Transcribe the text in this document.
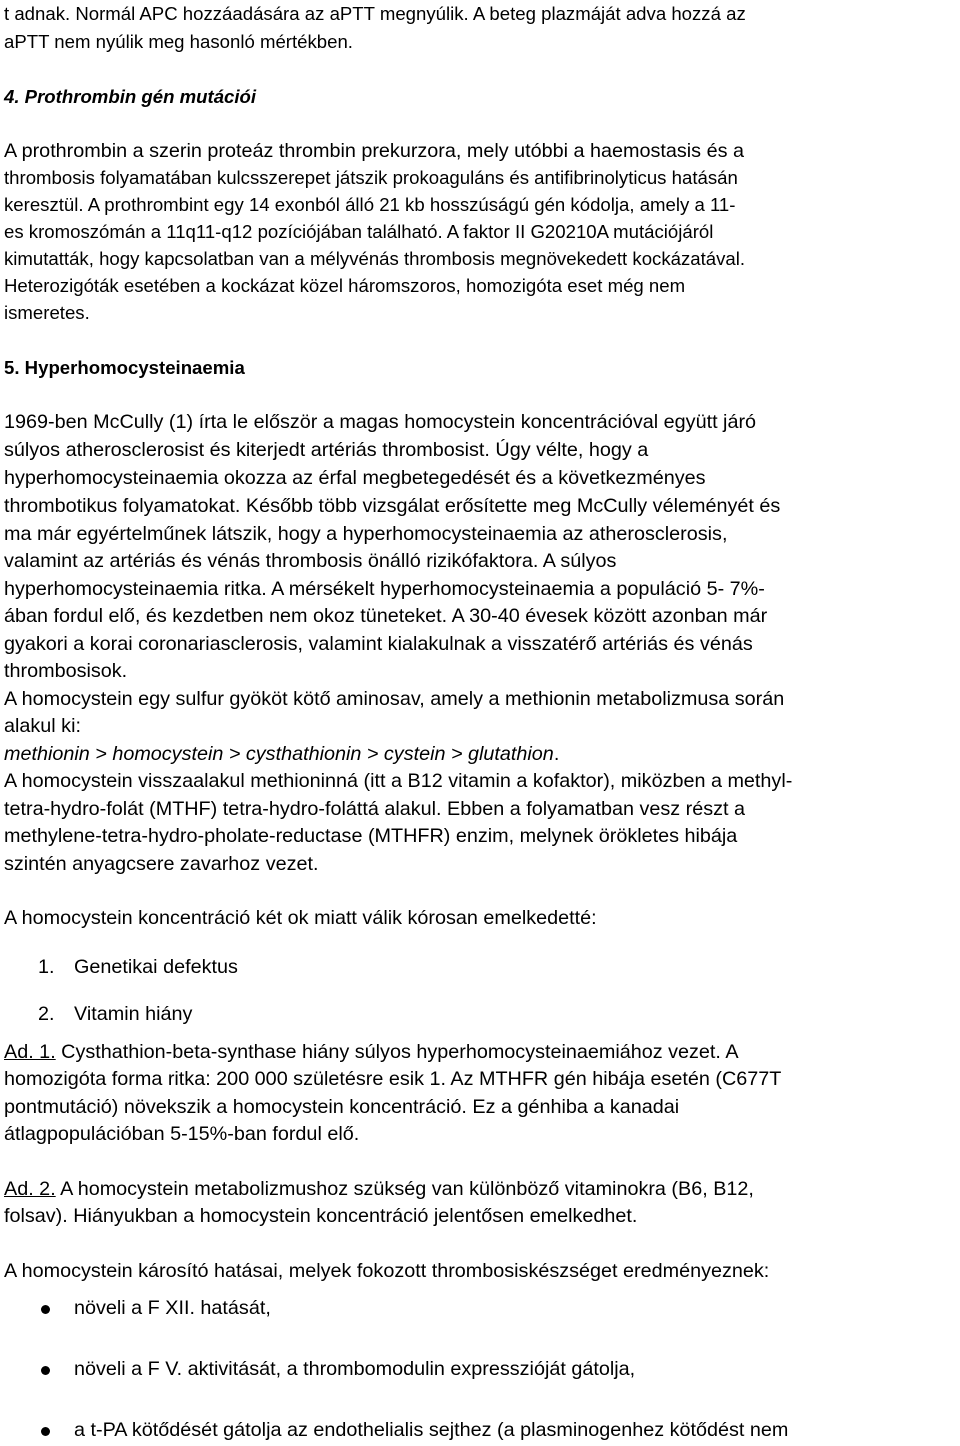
t adnak. Normál APC hozzáadására az aPTT megnyúlik. A beteg plazmáját adva hozzá az
aPTT nem nyúlik meg hasonló mértékben.
4. Prothrombin gén mutációi
A prothrombin a szerin proteáz thrombin prekurzora, mely utóbbi a haemostasis és a
thrombosis folyamatában kulcsszerepet játszik prokoaguláns és antifibrinolyticus hatásán
keresztül. A prothrombint egy 14 exonból álló 21 kb hosszúságú gén kódolja, amely a 11-
es kromoszómán a 11q11-q12 pozíciójában található. A faktor II G20210A mutációjáról
kimutatták, hogy kapcsolatban van a mélyvénás thrombosis megnövekedett kockázatával.
Heterozigóták esetében a kockázat közel háromszoros, homozigóta eset még nem
ismeretes.
5. Hyperhomocysteinaemia
1969-ben McCully (1) írta le először a magas homocystein koncentrációval együtt járó
súlyos atherosclerosist és kiterjedt artériás thrombosist. Úgy vélte, hogy a
hyperhomocysteinaemia okozza az érfal megbetegedését és a következményes
thrombotikus folyamatokat. Később több vizsgálat erősítette meg McCully véleményét és
ma már egyértelműnek látszik, hogy a hyperhomocysteinaemia az atherosclerosis,
valamint az artériás és vénás thrombosis önálló rizikófaktora. A súlyos
hyperhomocysteinaemia ritka. A mérsékelt hyperhomocysteinaemia a populáció 5- 7%-
ában fordul elő, és kezdetben nem okoz tüneteket. A 30-40 évesek között azonban már
gyakori a korai coronariasclerosis, valamint kialakulnak a visszatérő artériás és vénás
thrombosisok.
A homocystein egy sulfur gyököt kötő aminosav, amely a methionin metabolizmusa során
alakul ki:
methionin > homocystein > cysthathionin > cystein > glutathion.
A homocystein visszaalakul methioninná (itt a B12 vitamin a kofaktor), miközben a methyl-
tetra-hydro-folát (MTHF) tetra-hydro-foláttá alakul. Ebben a folyamatban vesz részt a
methylene-tetra-hydro-pholate-reductase (MTHFR) enzim, melynek örökletes hibája
szintén anyagcsere zavarhoz vezet.
A homocystein koncentráció két ok miatt válik kórosan emelkedetté:
1. Genetikai defektus
2. Vitamin hiány
Ad. 1. Cysthathion-beta-synthase hiány súlyos hyperhomocysteinaemiához vezet. A
homozigóta forma ritka: 200 000 születésre esik 1. Az MTHFR gén hibája esetén (C677T
pontmutáció) növekszik a homocystein koncentráció. Ez a génhiba a kanadai
átlagpopulációban 5-15%-ban fordul elő.
Ad. 2. A homocystein metabolizmushoz szükség van különböző vitaminokra (B6, B12,
folsav). Hiányukban a homocystein koncentráció jelentősen emelkedhet.
A homocystein károsító hatásai, melyek fokozott thrombosiskészséget eredményeznek:
növeli a F XII. hatását,
növeli a F V. aktivitását, a thrombomodulin expresszióját gátolja,
a t-PA kötődését gátolja az endothelialis sejthez (a plasminogenhez kötődést nem
